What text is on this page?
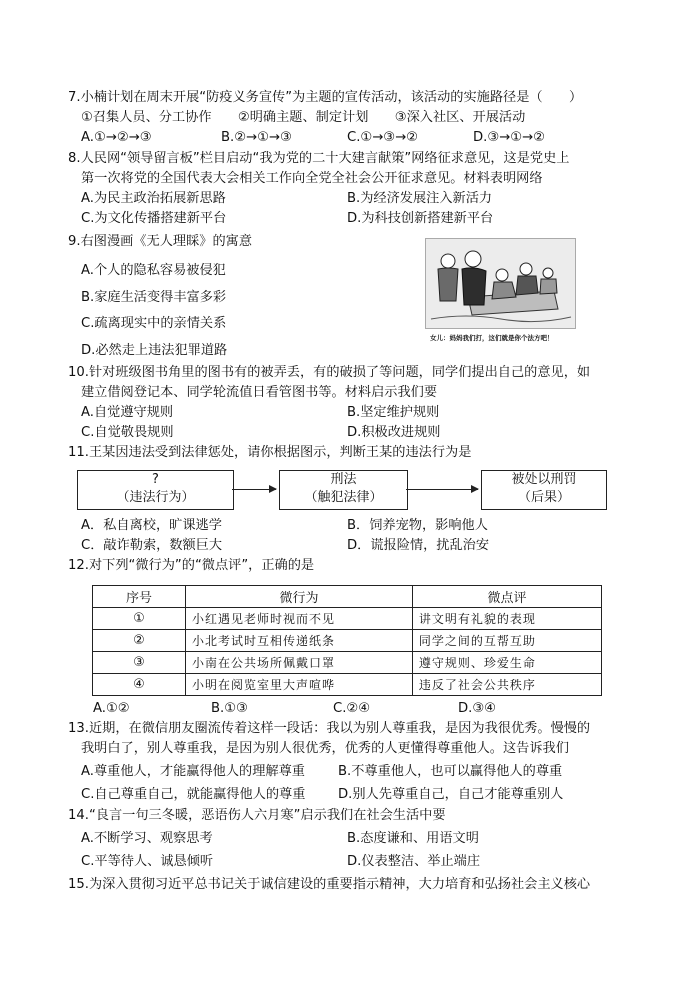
7.小楠计划在周末开展“防疫义务宣传”为主题的宣传活动，该活动的实施路径是（　　）
①召集人员、分工协作　　②明确主题、制定计划　　③深入社区、开展活动
A.①→②→③	B.②→①→③	C.①→③→②	D.③→①→②
8.人民网“领导留言板”栏目启动“我为党的二十大建言献策”网络征求意见，这是党史上
第一次将党的全国代表大会相关工作向全党全社会公开征求意见。材料表明网络
A.为民主政治拓展新思路	B.为经济发展注入新活力
C.为文化传播搭建新平台	D.为科技创新搭建新平台
9.右图漫画《无人理睬》的寓意
A.个人的隐私容易被侵犯
B.家庭生活变得丰富多彩
C.疏离现实中的亲情关系
D.必然走上违法犯罪道路
女儿：妈妈我们打，这们就是你个法方吧！
10.针对班级图书角里的图书有的被弄丢，有的破损了等问题，同学们提出自己的意见，如
建立借阅登记本、同学轮流值日看管图书等。材料启示我们要
A.自觉遵守规则	B.坚定维护规则
C.自觉敬畏规则	D.积极改进规则
11.王某因违法受到法律惩处，请你根据图示，判断王某的违法行为是
?
（违法行为）
刑法
（触犯法律）
被处以刑罚
（后果）
A．私自离校，旷课逃学	B．饲养宠物，影响他人
C．敲诈勒索，数额巨大	D．谎报险情，扰乱治安
12.对下列“微行为”的“微点评”，正确的是
序号	微行为	微点评
①	小红遇见老师时视而不见	讲文明有礼貌的表现
②	小北考试时互相传递纸条	同学之间的互帮互助
③	小南在公共场所佩戴口罩	遵守规则、珍爱生命
④	小明在阅览室里大声喧哗	违反了社会公共秩序
A.①②	B.①③	C.②④	D.③④
13.近期，在微信朋友圈流传着这样一段话：我以为别人尊重我，是因为我很优秀。慢慢的
我明白了，别人尊重我，是因为别人很优秀，优秀的人更懂得尊重他人。这告诉我们
A.尊重他人，才能赢得他人的理解尊重	B.不尊重他人，也可以赢得他人的尊重
C.自己尊重自己，就能赢得他人的尊重 D.别人先尊重自己，自己才能尊重别人
14.“良言一句三冬暖，恶语伤人六月寒”启示我们在社会生活中要
A.不断学习、观察思考	B.态度谦和、用语文明
C.平等待人、诚恳倾听	D.仪表整洁、举止端庄
15.为深入贯彻习近平总书记关于诚信建设的重要指示精神，大力培育和弘扬社会主义核心
